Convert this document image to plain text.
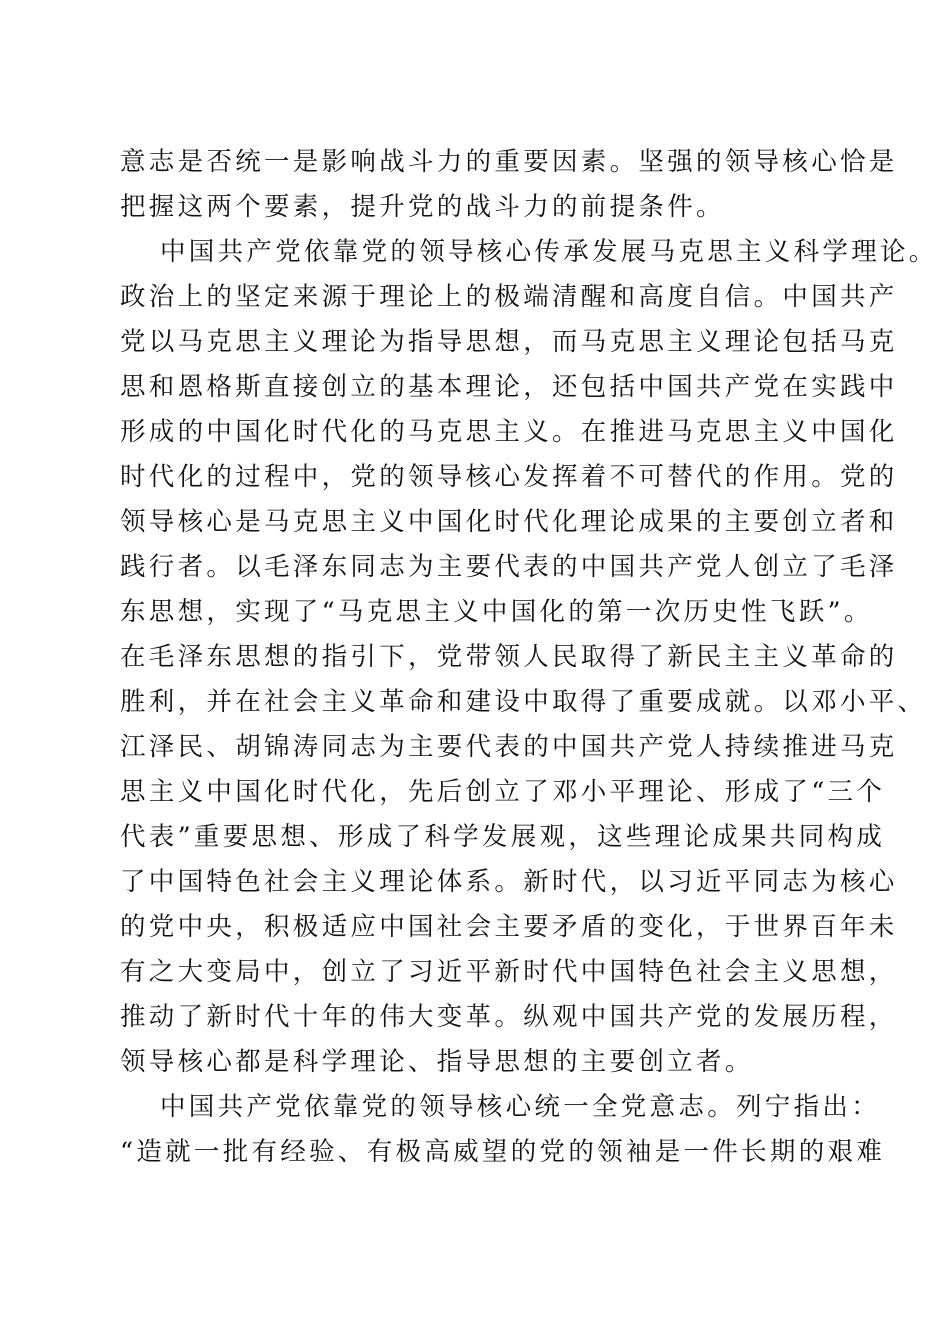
意志是否统一是影响战斗力的重要因素。坚强的领导核心恰是
把握这两个要素，提升党的战斗力的前提条件。
中国共产党依靠党的领导核心传承发展马克思主义科学理论。
政治上的坚定来源于理论上的极端清醒和高度自信。中国共产
党以马克思主义理论为指导思想，而马克思主义理论包括马克
思和恩格斯直接创立的基本理论，还包括中国共产党在实践中
形成的中国化时代化的马克思主义。在推进马克思主义中国化
时代化的过程中，党的领导核心发挥着不可替代的作用。党的
领导核心是马克思主义中国化时代化理论成果的主要创立者和
践行者。以毛泽东同志为主要代表的中国共产党人创立了毛泽
东思想，实现了“马克思主义中国化的第一次历史性飞跃”。
在毛泽东思想的指引下，党带领人民取得了新民主主义革命的
胜利，并在社会主义革命和建设中取得了重要成就。以邓小平、
江泽民、胡锦涛同志为主要代表的中国共产党人持续推进马克
思主义中国化时代化，先后创立了邓小平理论、形成了“三个
代表”重要思想、形成了科学发展观，这些理论成果共同构成
了中国特色社会主义理论体系。新时代，以习近平同志为核心
的党中央，积极适应中国社会主要矛盾的变化，于世界百年未
有之大变局中，创立了习近平新时代中国特色社会主义思想，
推动了新时代十年的伟大变革。纵观中国共产党的发展历程，
领导核心都是科学理论、指导思想的主要创立者。
中国共产党依靠党的领导核心统一全党意志。列宁指出：
“造就一批有经验、有极高威望的党的领袖是一件长期的艰难
